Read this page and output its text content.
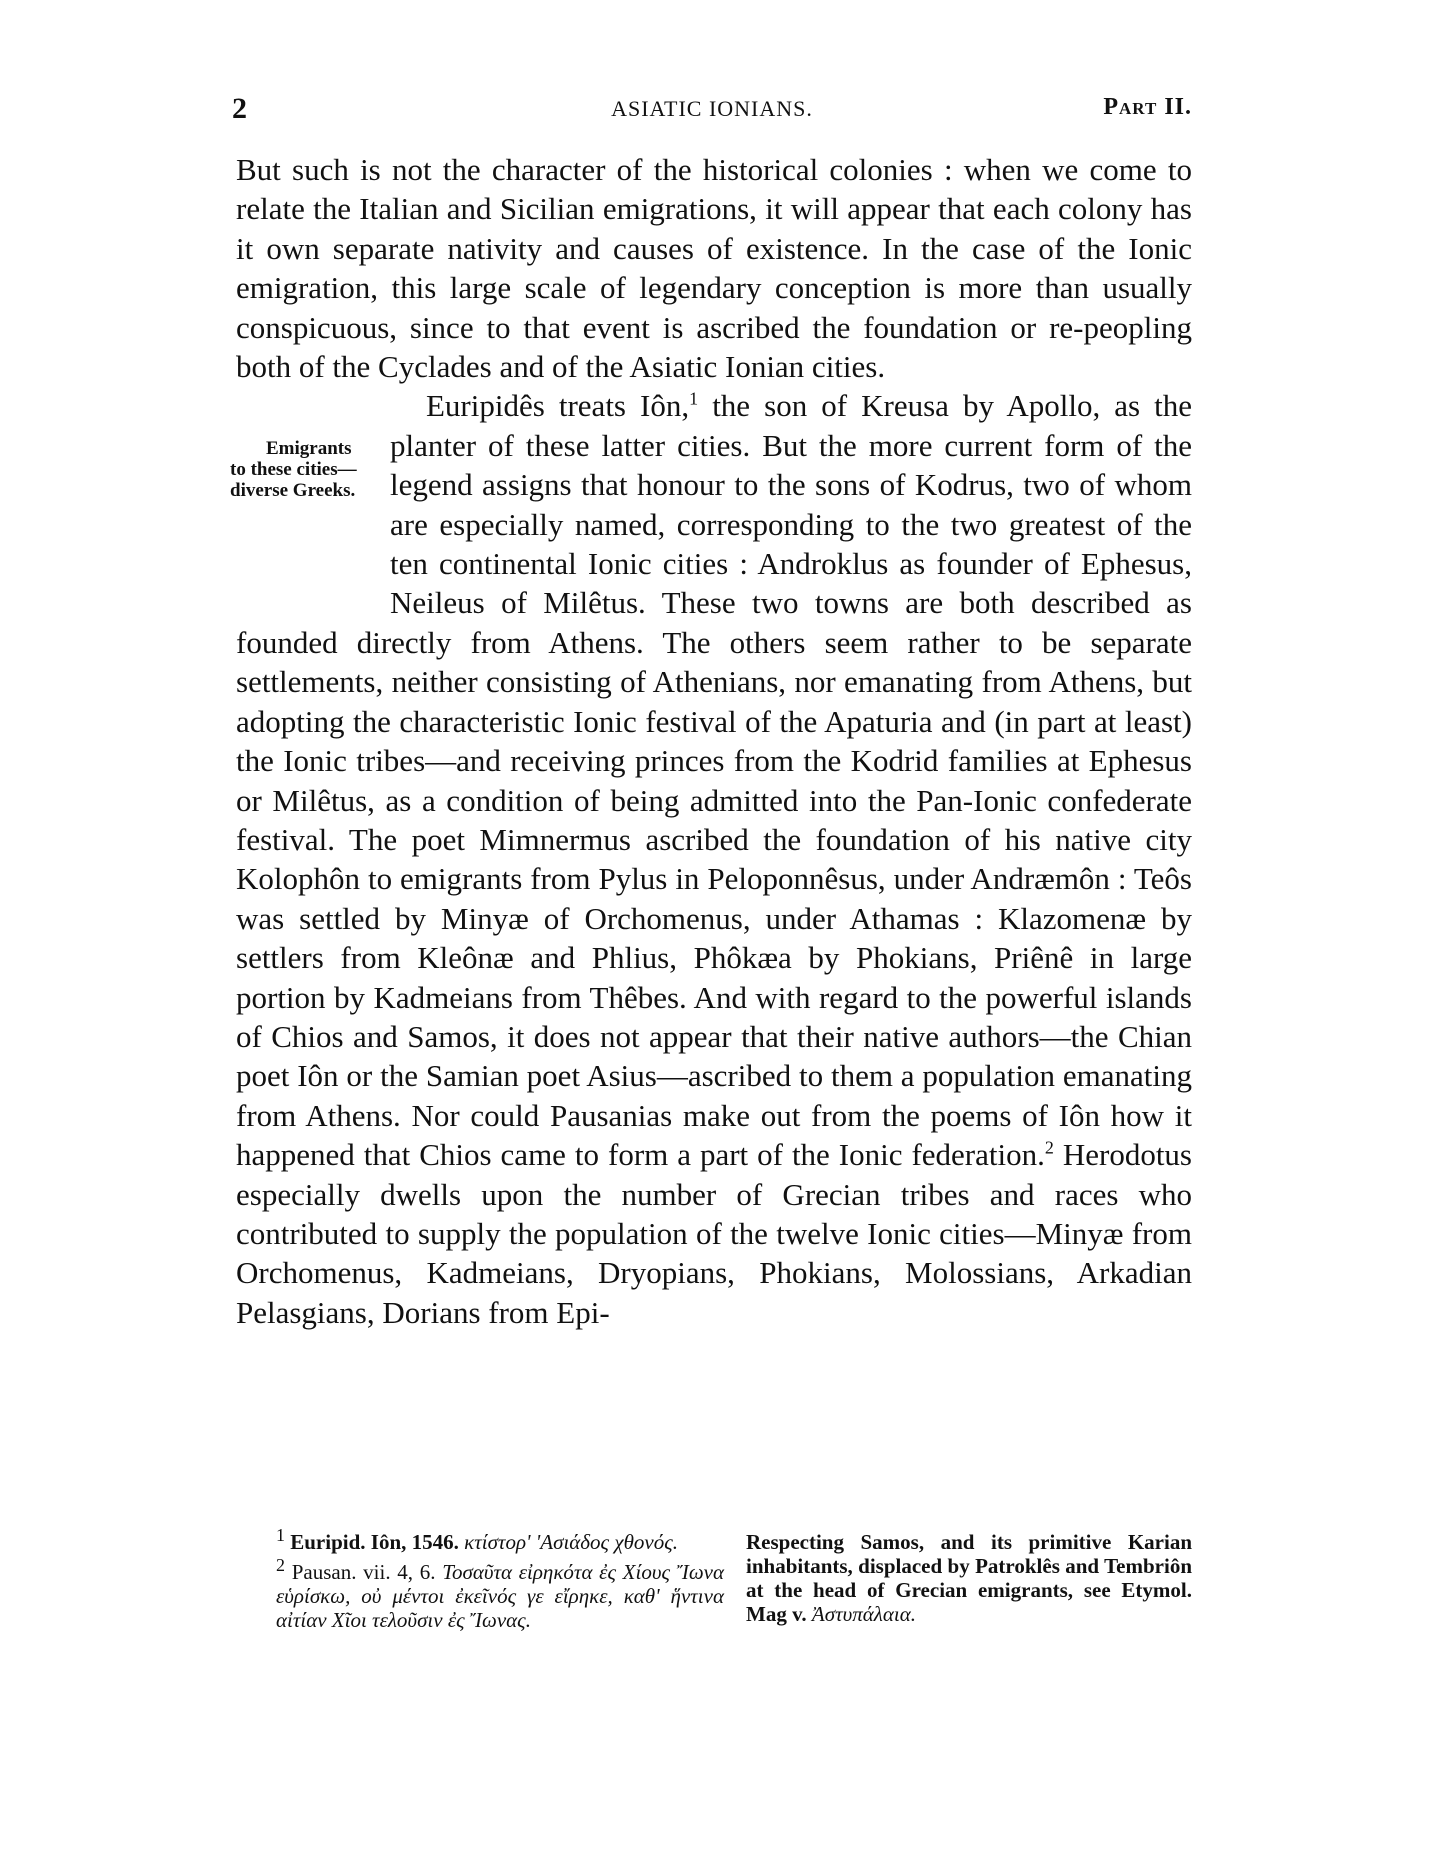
2	ASIATIC IONIANS.	Part II.

But such is not the character of the historical colonies : when we come to relate the Italian and Sicilian emigrations, it will appear that each colony has it own separate nativity and causes of existence. In the case of the Ionic emigration, this large scale of legendary conception is more than usually conspicuous, since to that event is ascribed the foundation or re-peopling both of the Cyclades and of the Asiatic Ionian cities.

Emigrants to these cities— diverse Greeks.
Euripidês treats Iôn,$^1$ the son of Kreusa by Apollo, as the planter of these latter cities. But the more current form of the legend assigns that honour to the sons of Kodrus, two of whom are especially named, corresponding to the two greatest of the ten continental Ionic cities : Androklus as founder of Ephesus, Neileus of Milêtus. These two towns are both described as founded directly from Athens. The others seem rather to be separate settlements, neither consisting of Athenians, nor emanating from Athens, but adopting the characteristic Ionic festival of the Apaturia and (in part at least) the Ionic tribes—and receiving princes from the Kodrid families at Ephesus or Milêtus, as a condition of being admitted into the Pan-Ionic confederate festival. The poet Mimnermus ascribed the foundation of his native city Kolophôn to emigrants from Pylus in Peloponnêsus, under Andræmôn : Teôs was settled by Minyæ of Orchomenus, under Athamas : Klazomenæ by settlers from Kleônæ and Phlius, Phôkæa by Phokians, Priênê in large portion by Kadmeians from Thêbes. And with regard to the powerful islands of Chios and Samos, it does not appear that their native authors—the Chian poet Iôn or the Samian poet Asius—ascribed to them a population emanating from Athens. Nor could Pausanias make out from the poems of Iôn how it happened that Chios came to form a part of the Ionic federation.$^2$ Herodotus especially dwells upon the number of Grecian tribes and races who contributed to supply the population of the twelve Ionic cities—Minyæ from Orchomenus, Kadmeians, Dryopians, Phokians, Molossians, Arkadian Pelasgians, Dorians from Epi-

$^1$ Euripid. Iôn, 1546. κτίστορ' 'Ασιάδος χθονός.

$^2$ Pausan. vii. 4, 6. Τοσαῦτα εἰρηκότα ἐς Χίους Ἴωνα εὑρίσκω, οὐ μέντοι ἐκεῖνός γε εἴρηκε, καθ' ἥντινα αἰτίαν Χῖοι τελοῦσιν ἐς Ἴωνας.

Respecting Samos, and its primitive Karian inhabitants, displaced by Patroklês and Tembriôn at the head of Grecian emigrants, see Etymol. Mag v. Ἀστυπάλαια.
